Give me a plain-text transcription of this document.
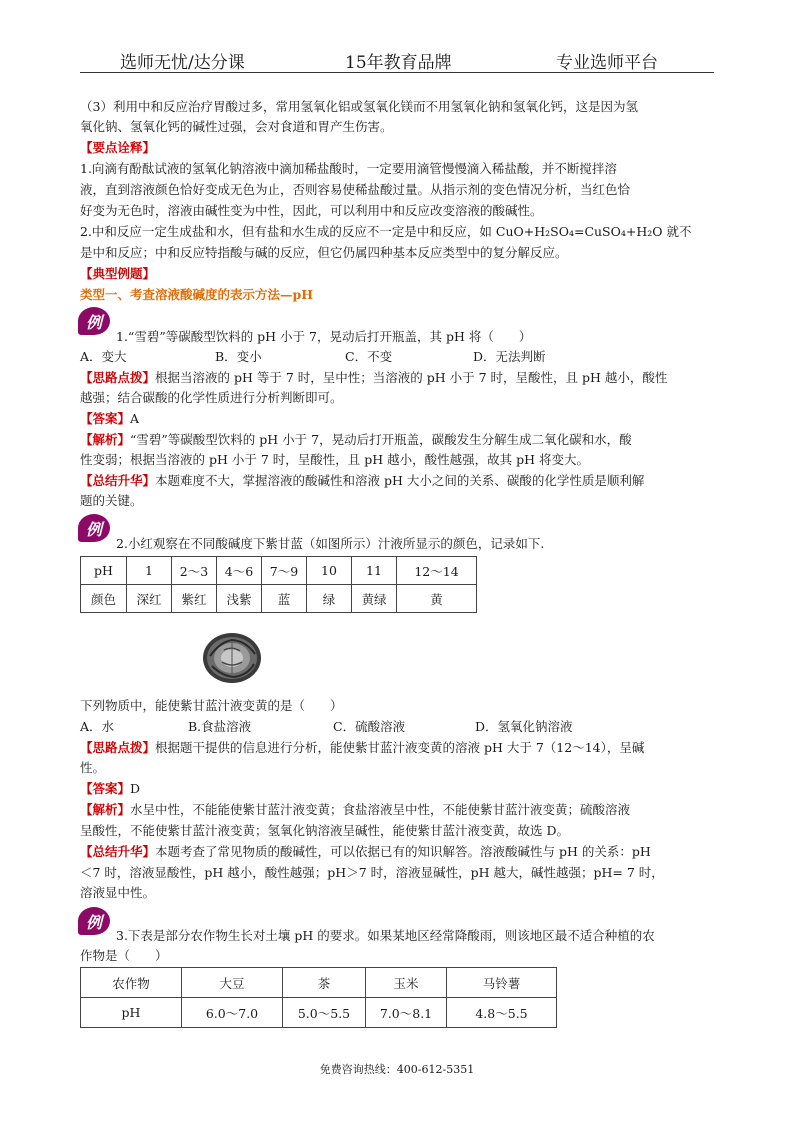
选师无忧/达分课	15年教育品牌	专业选师平台
（3）利用中和反应治疗胃酸过多，常用氢氧化铝或氢氧化镁而不用氢氧化钠和氢氧化钙，这是因为氢
氧化钠、氢氧化钙的碱性过强，会对食道和胃产生伤害。
【要点诠释】
1.向滴有酚酞试液的氢氧化钠溶液中滴加稀盐酸时，一定要用滴管慢慢滴入稀盐酸，并不断搅拌溶
液，直到溶液颜色恰好变成无色为止，否则容易使稀盐酸过量。从指示剂的变色情况分析，当红色恰
好变为无色时，溶液由碱性变为中性，因此，可以利用中和反应改变溶液的酸碱性。
2.中和反应一定生成盐和水，但有盐和水生成的反应不一定是中和反应，如 CuO+H₂SO₄=CuSO₄+H₂O 就不
是中和反应；中和反应特指酸与碱的反应，但它仍属四种基本反应类型中的复分解反应。
【典型例题】
类型一、考查溶液酸碱度的表示方法—pH
例
1.“雪碧”等碳酸型饮料的 pH 小于 7，晃动后打开瓶盖，其 pH 将（　　）
A．变大	B．变小	C．不变	D．无法判断
【思路点拨】根据当溶液的 pH 等于 7 时，呈中性；当溶液的 pH 小于 7 时，呈酸性，且 pH 越小，酸性
越强；结合碳酸的化学性质进行分析判断即可。
【答案】A
【解析】“雪碧”等碳酸型饮料的 pH 小于 7，晃动后打开瓶盖，碳酸发生分解生成二氧化碳和水，酸
性变弱；根据当溶液的 pH 小于 7 时，呈酸性，且 pH 越小，酸性越强，故其 pH 将变大。
【总结升华】本题难度不大，掌握溶液的酸碱性和溶液 pH 大小之间的关系、碳酸的化学性质是顺利解
题的关键。
例
2.小红观察在不同酸碱度下紫甘蓝（如图所示）汁液所显示的颜色，记录如下.
pH	1	2～3	4～6	7～9	10	11	12～14
颜色	深红	紫红	浅紫	蓝	绿	黄绿	黄
下列物质中，能使紫甘蓝汁液变黄的是（　　）
A．水	B.食盐溶液	C．硫酸溶液	D．氢氧化钠溶液
【思路点拨】根据题干提供的信息进行分析，能使紫甘蓝汁液变黄的溶液 pH 大于 7（12～14），呈碱
性。
【答案】D
【解析】水呈中性，不能能使紫甘蓝汁液变黄；食盐溶液呈中性，不能使紫甘蓝汁液变黄；硫酸溶液
呈酸性，不能使紫甘蓝汁液变黄；氢氧化钠溶液呈碱性，能使紫甘蓝汁液变黄，故选 D。
【总结升华】本题考查了常见物质的酸碱性，可以依据已有的知识解答。溶液酸碱性与 pH 的关系：pH
＜7 时，溶液显酸性，pH 越小，酸性越强；pH＞7 时，溶液显碱性，pH 越大，碱性越强；pH= 7 时，
溶液显中性。
例
3.下表是部分农作物生长对土壤 pH 的要求。如果某地区经常降酸雨，则该地区最不适合种植的农
作物是（　　）
农作物	大豆	茶	玉米	马铃薯
pH	6.0～7.0	5.0～5.5	7.0～8.1	4.8～5.5
免费咨询热线：400-612-5351
